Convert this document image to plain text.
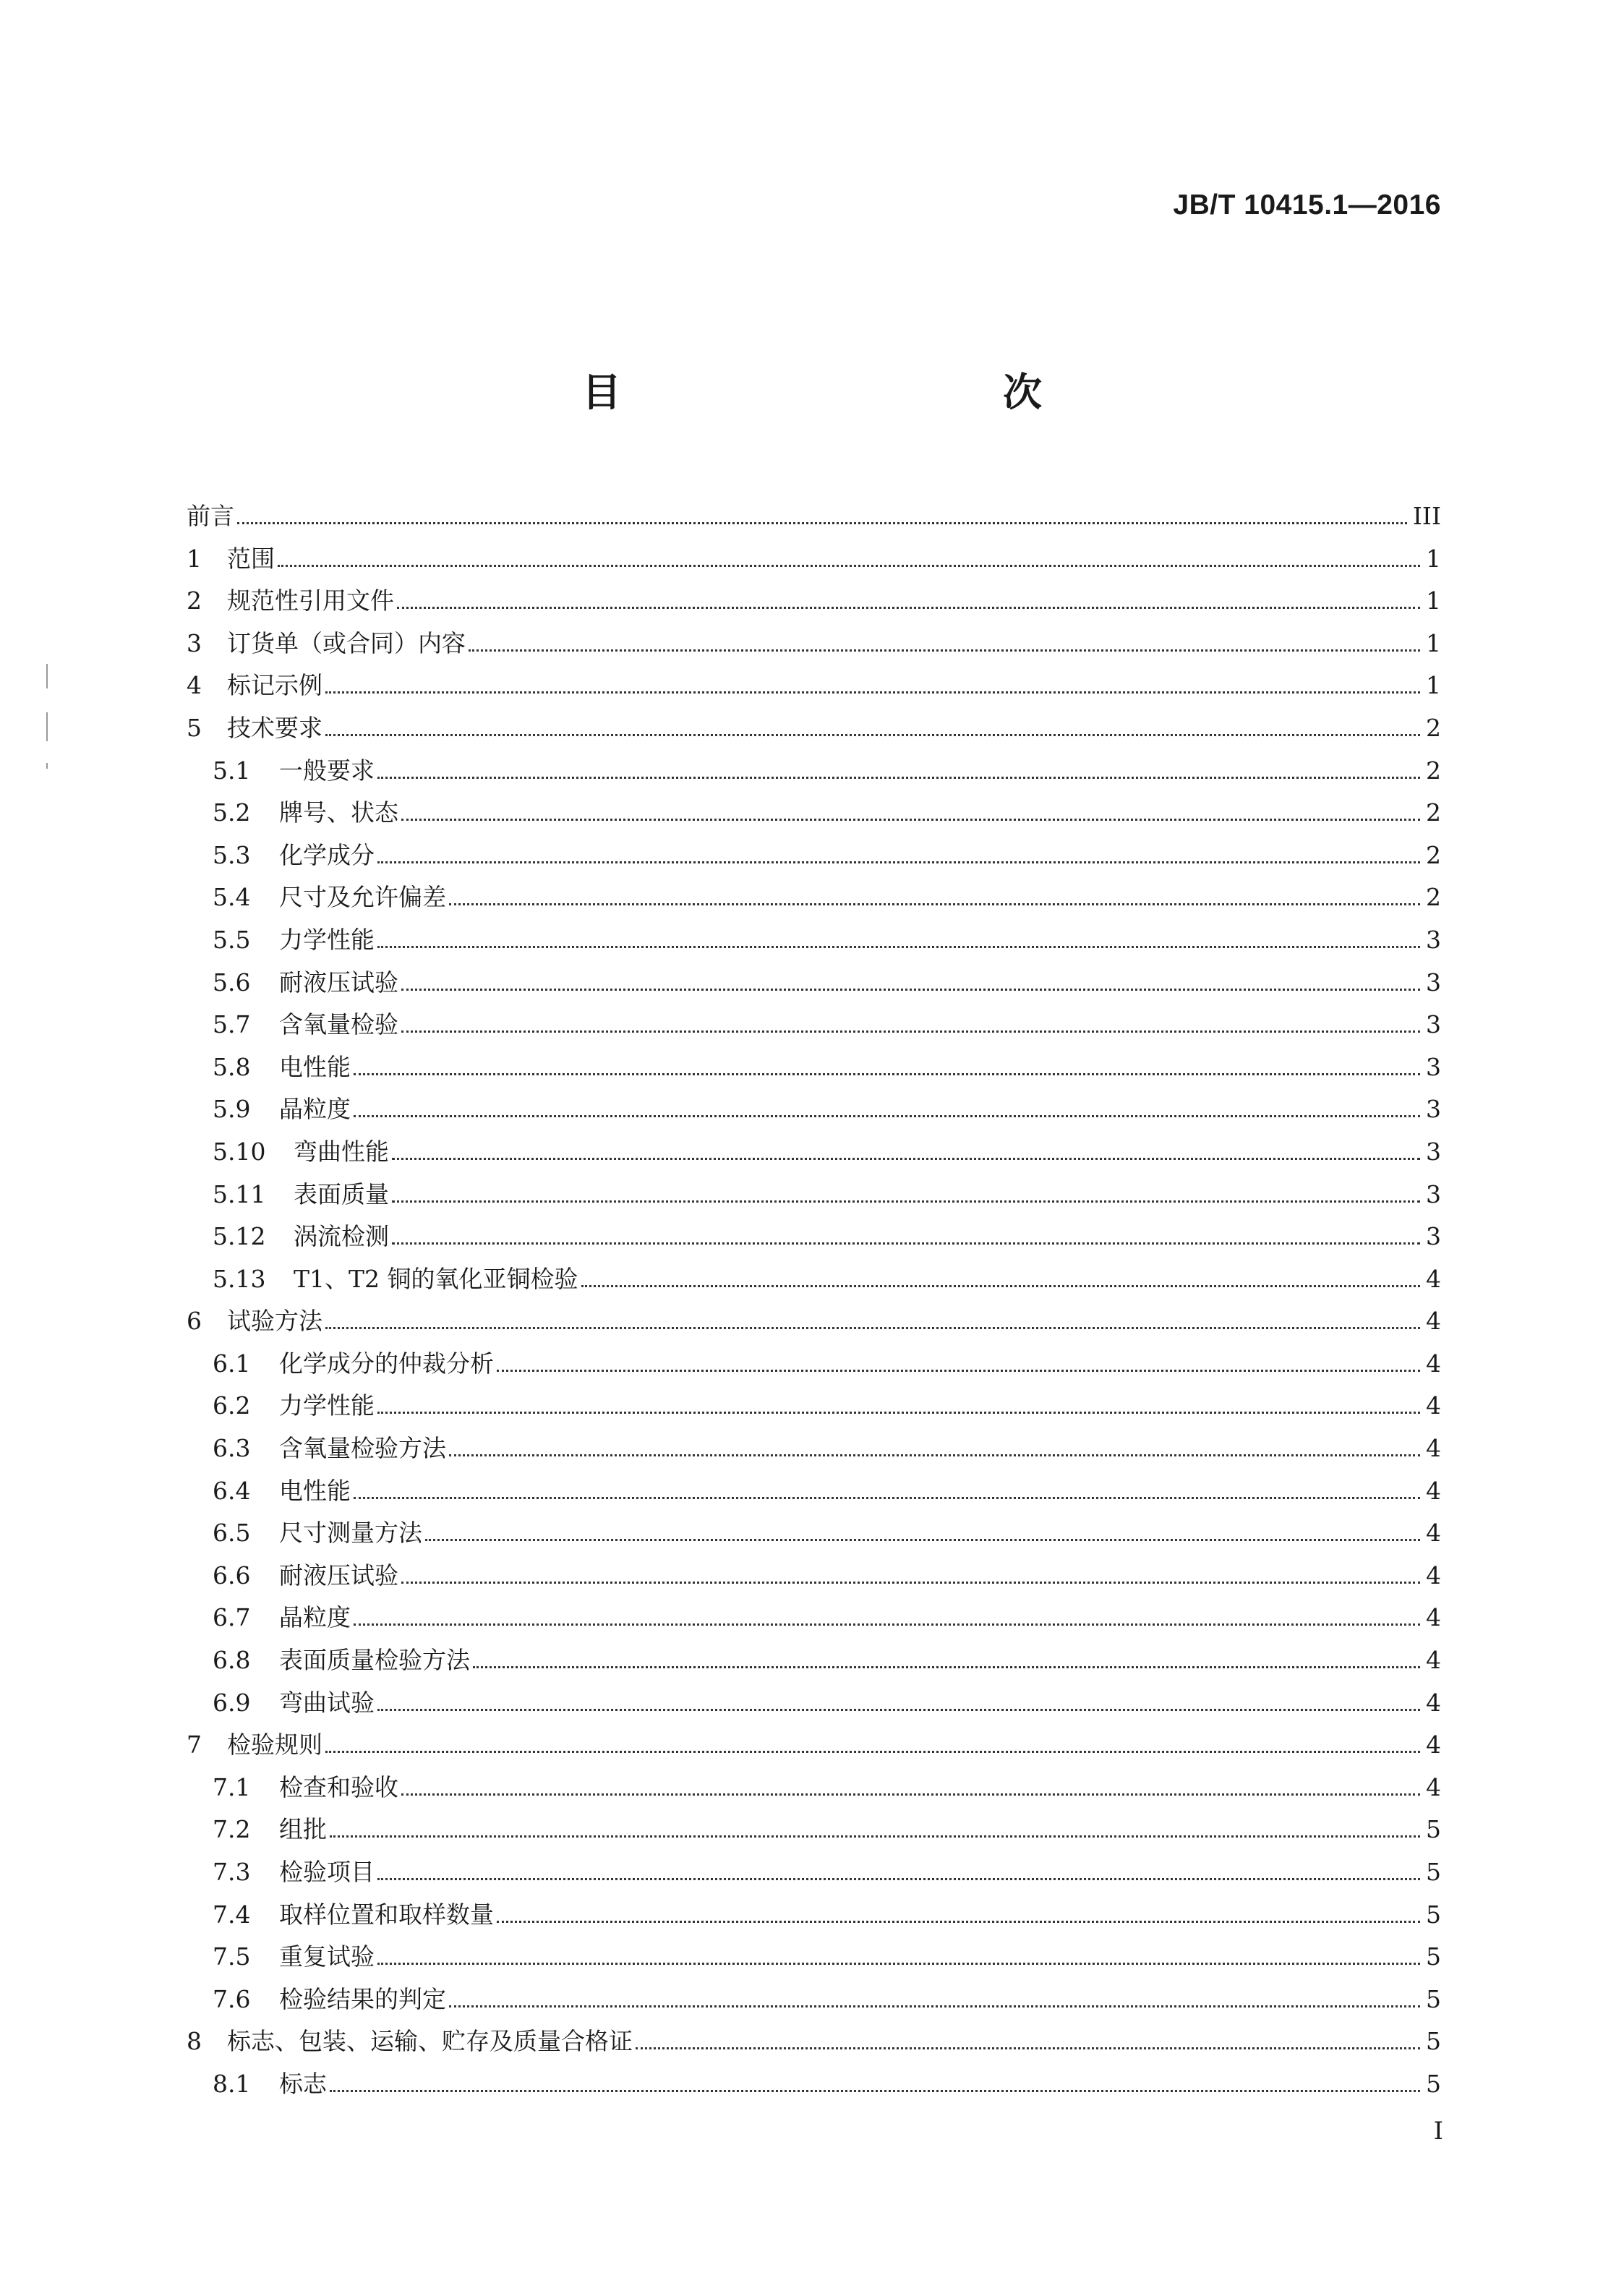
JB/T 10415.1—2016
目　　次
前言	III
1	范围	1
2	规范性引用文件	1
3	订货单（或合同）内容	1
4	标记示例	1
5	技术要求	2
5.1	一般要求	2
5.2	牌号、状态	2
5.3	化学成分	2
5.4	尺寸及允许偏差	2
5.5	力学性能	3
5.6	耐液压试验	3
5.7	含氧量检验	3
5.8	电性能	3
5.9	晶粒度	3
5.10	弯曲性能	3
5.11	表面质量	3
5.12	涡流检测	3
5.13	T1、T2 铜的氧化亚铜检验	4
6	试验方法	4
6.1	化学成分的仲裁分析	4
6.2	力学性能	4
6.3	含氧量检验方法	4
6.4	电性能	4
6.5	尺寸测量方法	4
6.6	耐液压试验	4
6.7	晶粒度	4
6.8	表面质量检验方法	4
6.9	弯曲试验	4
7	检验规则	4
7.1	检查和验收	4
7.2	组批	5
7.3	检验项目	5
7.4	取样位置和取样数量	5
7.5	重复试验	5
7.6	检验结果的判定	5
8	标志、包装、运输、贮存及质量合格证	5
8.1	标志	5
I
